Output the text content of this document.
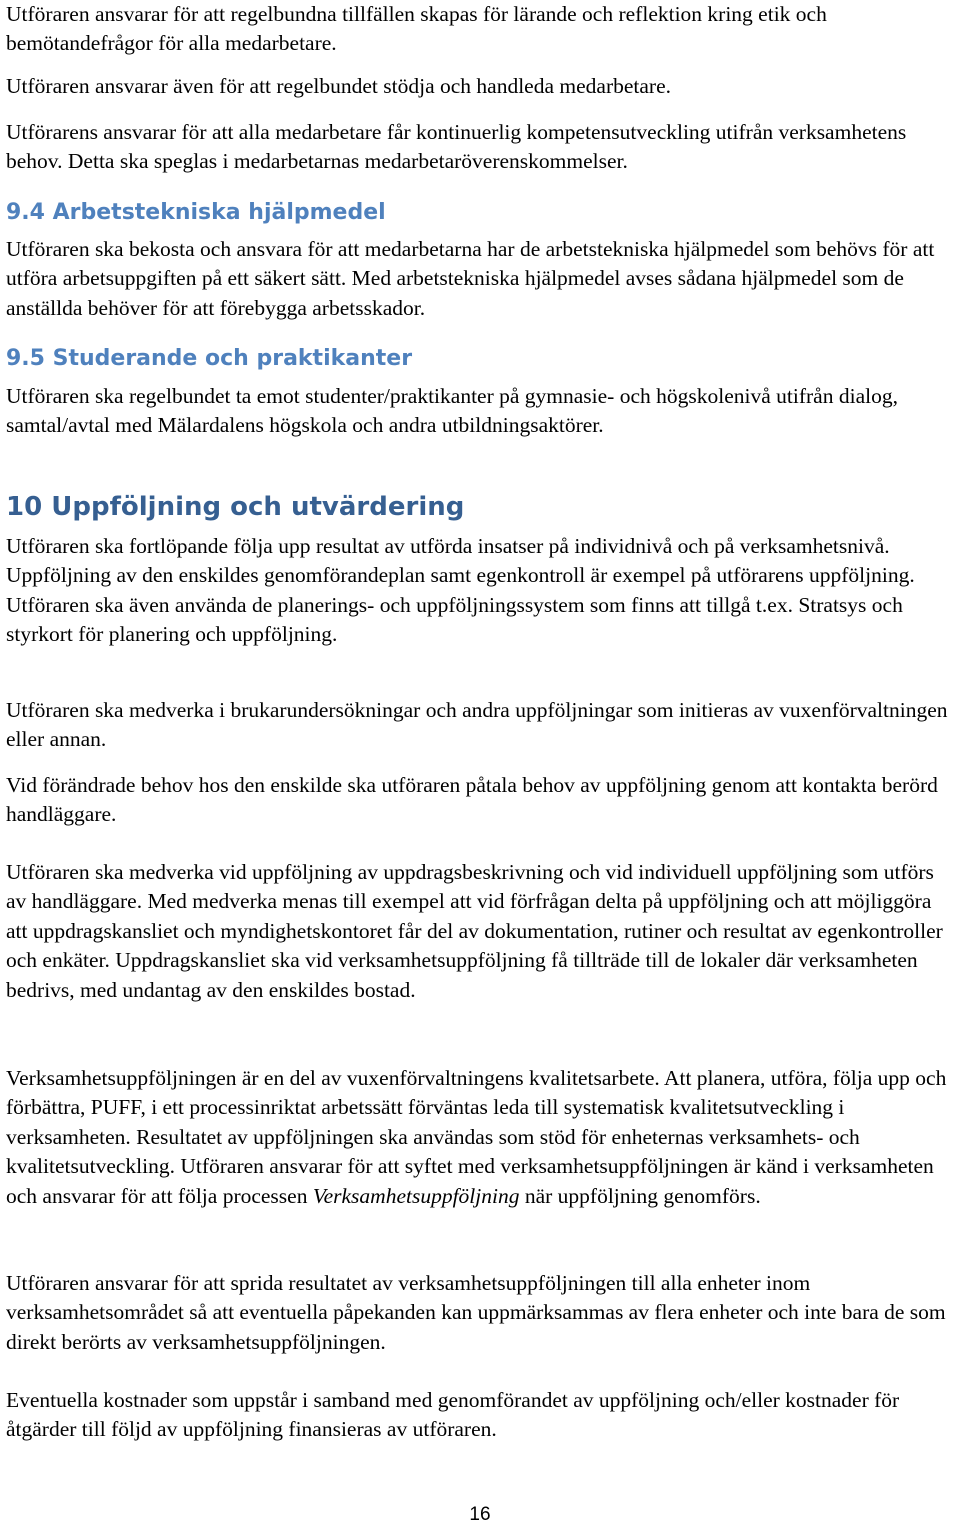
Utföraren ansvarar för att regelbundna tillfällen skapas för lärande och reflektion kring etik och bemötandefrågor för alla medarbetare.

Utföraren ansvarar även för att regelbundet stödja och handleda medarbetare.

Utförarens ansvarar för att alla medarbetare får kontinuerlig kompetensutveckling utifrån verksamhetens behov. Detta ska speglas i medarbetarnas medarbetaröverenskommelser.

9.4 Arbetstekniska hjälpmedel

Utföraren ska bekosta och ansvara för att medarbetarna har de arbetstekniska hjälpmedel som behövs för att utföra arbetsuppgiften på ett säkert sätt. Med arbetstekniska hjälpmedel avses sådana hjälpmedel som de anställda behöver för att förebygga arbetsskador.

9.5 Studerande och praktikanter

Utföraren ska regelbundet ta emot studenter/praktikanter på gymnasie- och högskolenivå utifrån dialog, samtal/avtal med Mälardalens högskola och andra utbildningsaktörer.

10 Uppföljning och utvärdering

Utföraren ska fortlöpande följa upp resultat av utförda insatser på individnivå och på verksamhetsnivå. Uppföljning av den enskildes genomförandeplan samt egenkontroll är exempel på utförarens uppföljning. Utföraren ska även använda de planerings- och uppföljningssystem som finns att tillgå t.ex. Stratsys och styrkort för planering och uppföljning.

Utföraren ska medverka i brukarundersökningar och andra uppföljningar som initieras av vuxenförvaltningen eller annan.

Vid förändrade behov hos den enskilde ska utföraren påtala behov av uppföljning genom att kontakta berörd handläggare.

Utföraren ska medverka vid uppföljning av uppdragsbeskrivning och vid individuell uppföljning som utförs av handläggare. Med medverka menas till exempel att vid förfrågan delta på uppföljning och att möjliggöra att uppdragskansliet och myndighetskontoret får del av dokumentation, rutiner och resultat av egenkontroller och enkäter. Uppdragskansliet ska vid verksamhetsuppföljning få tillträde till de lokaler där verksamheten bedrivs, med undantag av den enskildes bostad.

Verksamhetsuppföljningen är en del av vuxenförvaltningens kvalitetsarbete. Att planera, utföra, följa upp och förbättra, PUFF, i ett processinriktat arbetssätt förväntas leda till systematisk kvalitetsutveckling i verksamheten. Resultatet av uppföljningen ska användas som stöd för enheternas verksamhets- och kvalitetsutveckling. Utföraren ansvarar för att syftet med verksamhetsuppföljningen är känd i verksamheten och ansvarar för att följa processen Verksamhetsuppföljning när uppföljning genomförs.

Utföraren ansvarar för att sprida resultatet av verksamhetsuppföljningen till alla enheter inom verksamhetsområdet så att eventuella påpekanden kan uppmärksammas av flera enheter och inte bara de som direkt berörts av verksamhetsuppföljningen.

Eventuella kostnader som uppstår i samband med genomförandet av uppföljning och/eller kostnader för åtgärder till följd av uppföljning finansieras av utföraren.

16
